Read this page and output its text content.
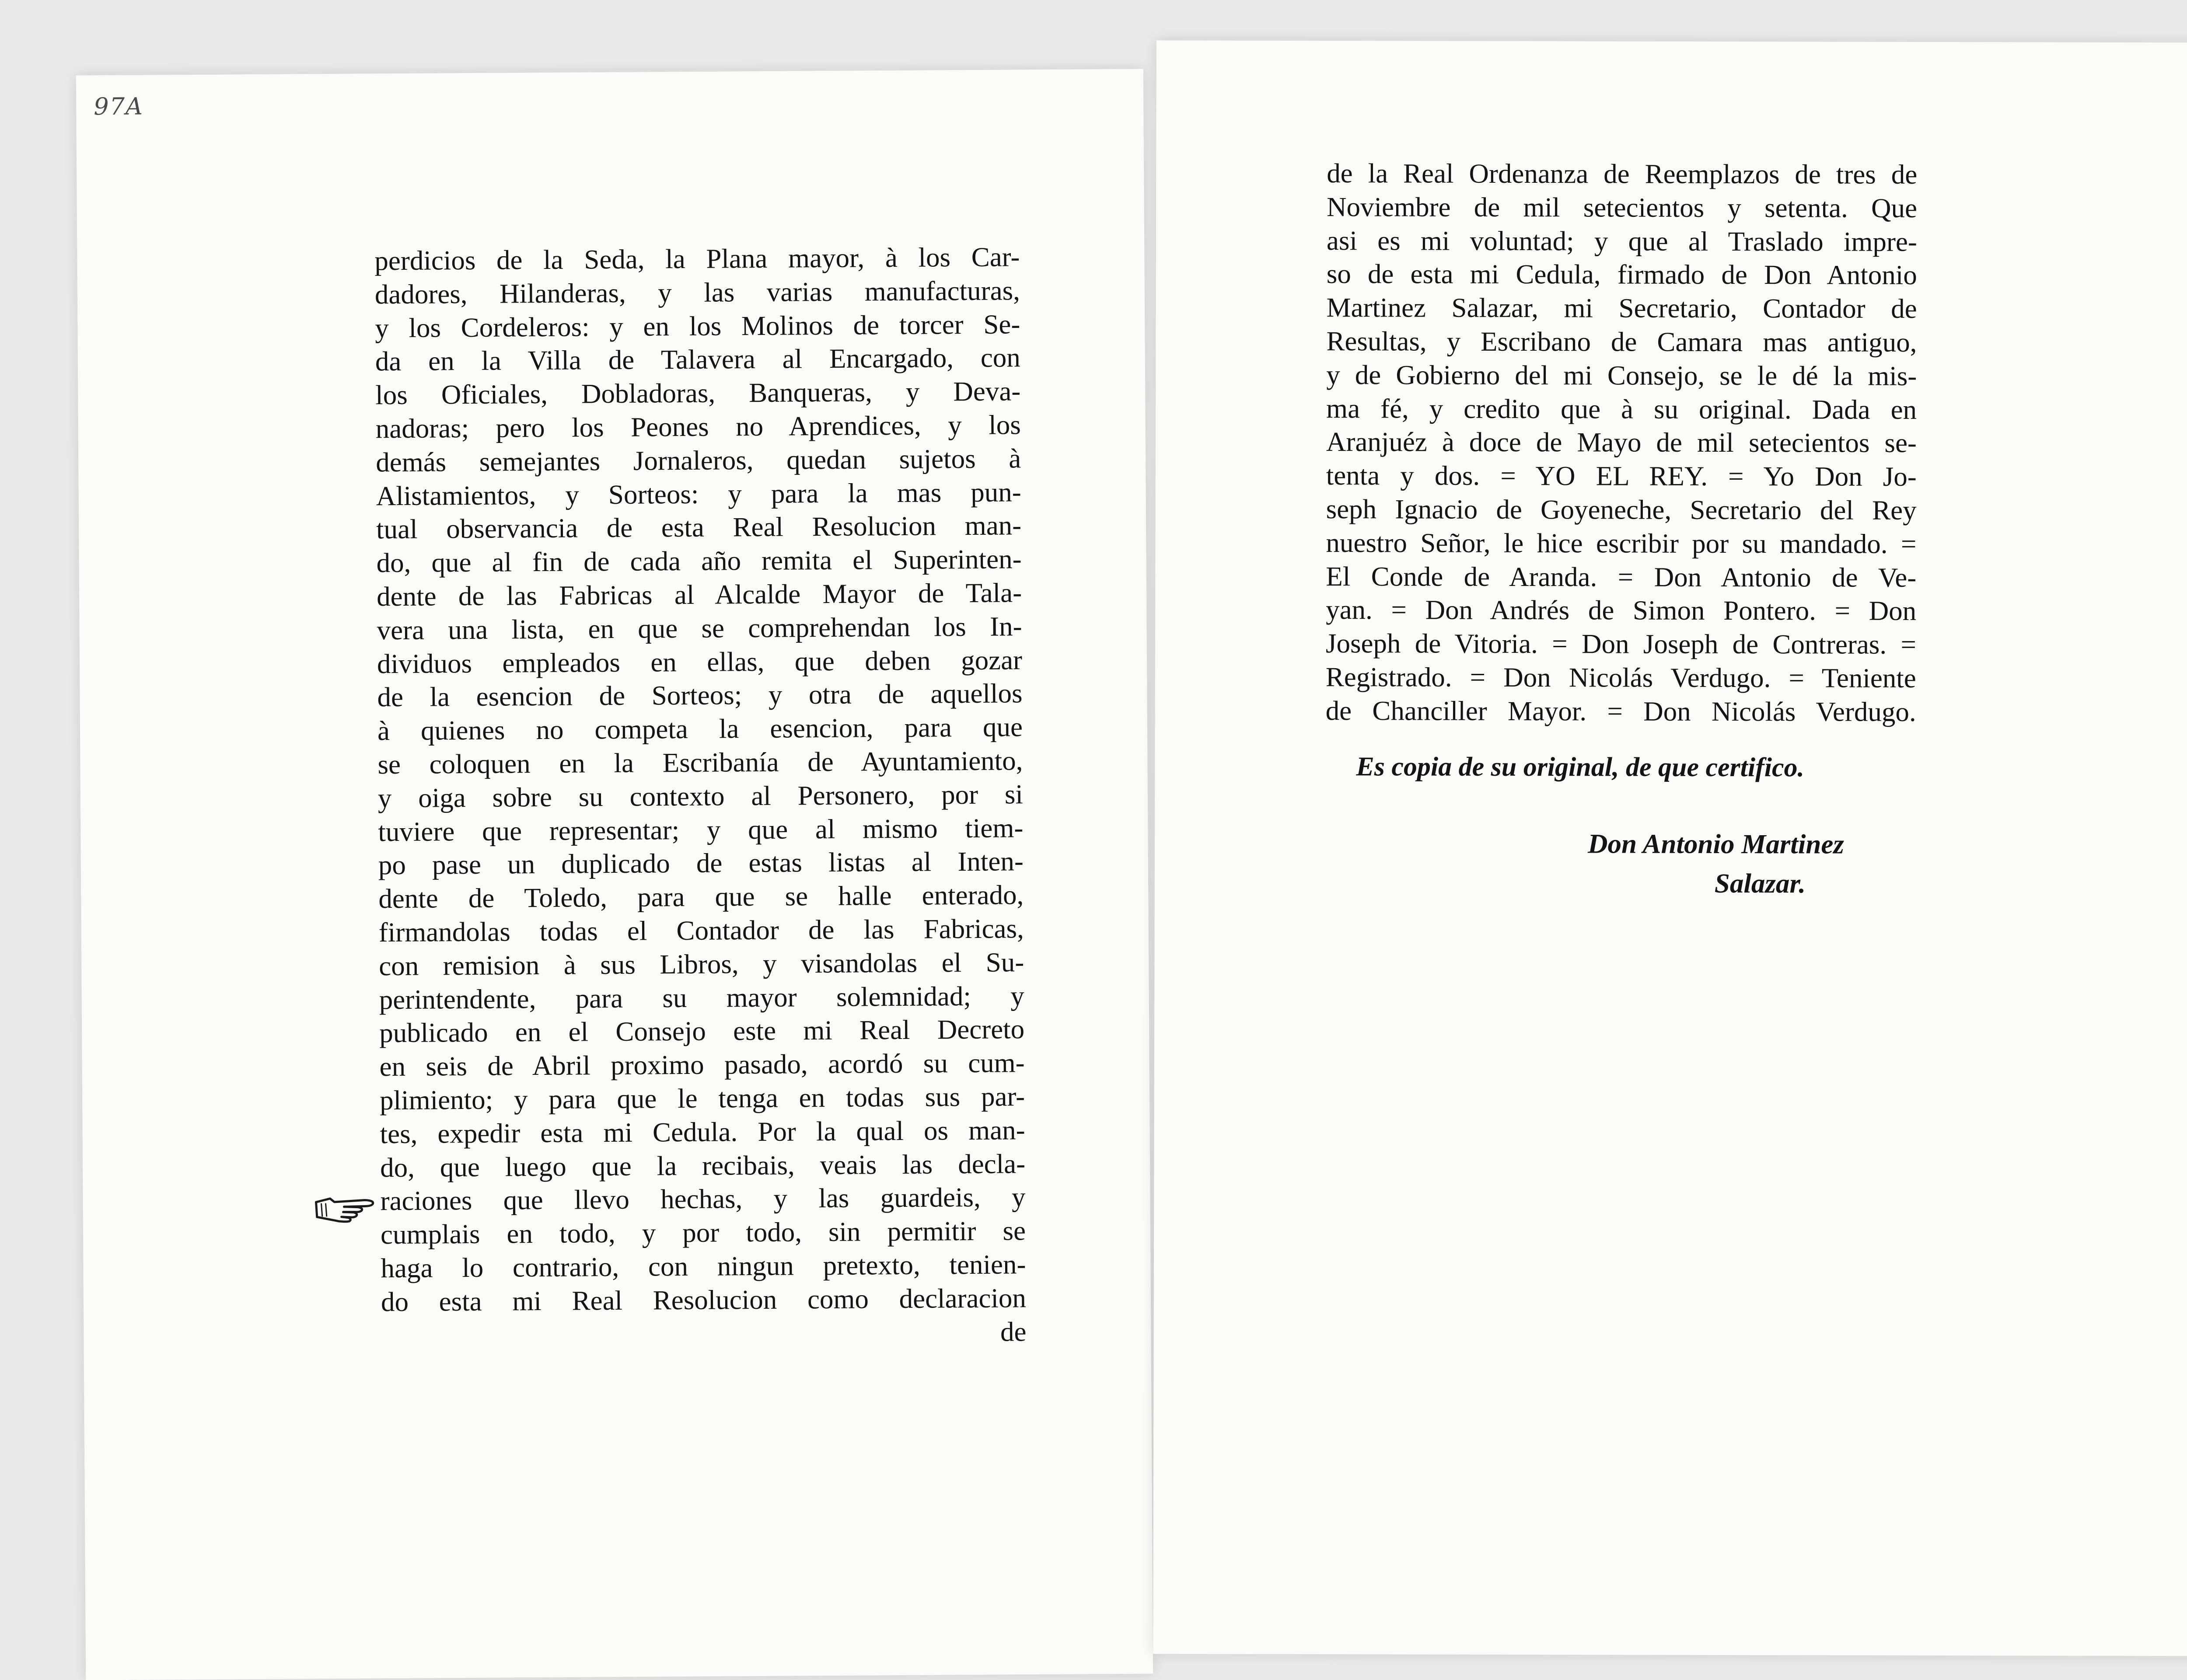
97A
perdicios de la Seda, la Plana mayor, à los Car-
dadores, Hilanderas, y las varias manufacturas,
y los Cordeleros: y en los Molinos de torcer Se-
da en la Villa de Talavera al Encargado, con
los Oficiales, Dobladoras, Banqueras, y Deva-
nadoras; pero los Peones no Aprendices, y los
demás semejantes Jornaleros, quedan sujetos à
Alistamientos, y Sorteos: y para la mas pun-
tual observancia de esta Real Resolucion man-
do, que al fin de cada año remita el Superinten-
dente de las Fabricas al Alcalde Mayor de Tala-
vera una lista, en que se comprehendan los In-
dividuos empleados en ellas, que deben gozar
de la esencion de Sorteos; y otra de aquellos
à quienes no competa la esencion, para que
se coloquen en la Escribanía de Ayuntamiento,
y oiga sobre su contexto al Personero, por si
tuviere que representar; y que al mismo tiem-
po pase un duplicado de estas listas al Inten-
dente de Toledo, para que se halle enterado,
firmandolas todas el Contador de las Fabricas,
con remision à sus Libros, y visandolas el Su-
perintendente, para su mayor solemnidad; y
publicado en el Consejo este mi Real Decreto
en seis de Abril proximo pasado, acordó su cum-
plimiento; y para que le tenga en todas sus par-
tes, expedir esta mi Cedula. Por la qual os man-
do, que luego que la recibais, veais las decla-
raciones que llevo hechas, y las guardeis, y
cumplais en todo, y por todo, sin permitir se
haga lo contrario, con ningun pretexto, tenien-
do esta mi Real Resolucion como declaracion
de
de la Real Ordenanza de Reemplazos de tres de
Noviembre de mil setecientos y setenta. Que
asi es mi voluntad; y que al Traslado impre-
so de esta mi Cedula, firmado de Don Antonio
Martinez Salazar, mi Secretario, Contador de
Resultas, y Escribano de Camara mas antiguo,
y de Gobierno del mi Consejo, se le dé la mis-
ma fé, y credito que à su original. Dada en
Aranjuéz à doce de Mayo de mil setecientos se-
tenta y dos. = YO EL REY. = Yo Don Jo-
seph Ignacio de Goyeneche, Secretario del Rey
nuestro Señor, le hice escribir por su mandado. =
El Conde de Aranda. = Don Antonio de Ve-
yan. = Don Andrés de Simon Pontero. = Don
Joseph de Vitoria. = Don Joseph de Contreras. =
Registrado. = Don Nicolás Verdugo. = Teniente
de Chanciller Mayor. = Don Nicolás Verdugo.
Es copia de su original, de que certifico.
Don Antonio Martinez
Salazar.
